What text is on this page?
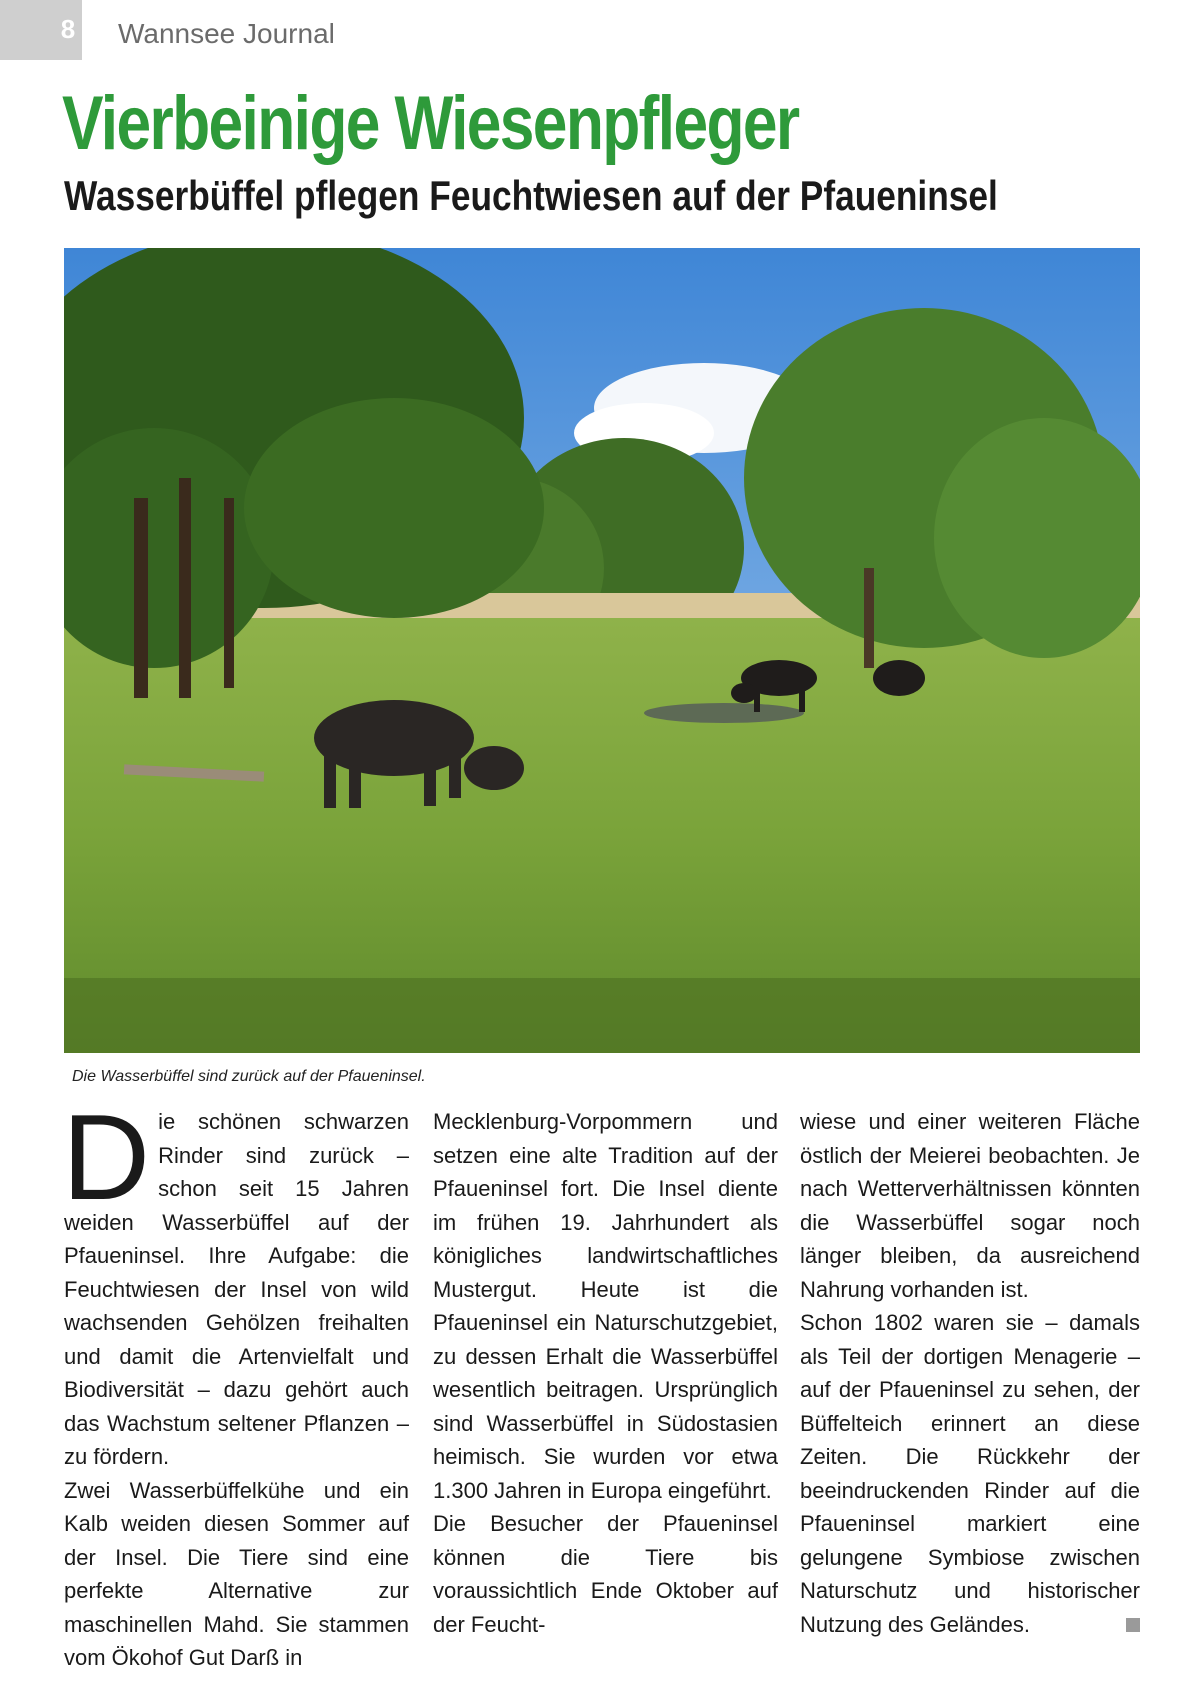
8	Wannsee Journal
Vierbeinige Wiesenpfleger
Wasserbüffel pflegen Feuchtwiesen auf der Pfaueninsel
Die Wasserbüffel sind zurück auf der Pfaueninsel.
D ie schönen schwarzen Rinder sind zurück – schon seit 15 Jahren weiden Wasserbüffel auf der Pfaueninsel. Ihre Aufgabe: die Feuchtwiesen der Insel von wild wachsenden Gehölzen freihalten und damit die Artenvielfalt und Biodiversität – dazu gehört auch das Wachstum seltener Pflanzen – zu fördern.

Zwei Wasserbüffelkühe und ein Kalb weiden diesen Sommer auf der Insel. Die Tiere sind eine perfekte Alternative zur maschinellen Mahd. Sie stammen vom Ökohof Gut Darß in

Mecklenburg-Vorpommern und setzen eine alte Tradition auf der Pfaueninsel fort. Die Insel diente im frühen 19. Jahrhundert als königliches landwirtschaftliches Mustergut. Heute ist die Pfaueninsel ein Naturschutzgebiet, zu dessen Erhalt die Wasserbüffel wesentlich beitragen. Ursprünglich sind Wasserbüffel in Südostasien heimisch. Sie wurden vor etwa 1.300 Jahren in Europa eingeführt.

Die Besucher der Pfaueninsel können die Tiere bis voraussichtlich Ende Oktober auf der Feucht-

wiese und einer weiteren Fläche östlich der Meierei beobachten. Je nach Wetterverhältnissen könnten die Wasserbüffel sogar noch länger bleiben, da ausreichend Nahrung vorhanden ist.

Schon 1802 waren sie – damals als Teil der dortigen Menagerie – auf der Pfaueninsel zu sehen, der Büffelteich erinnert an diese Zeiten. Die Rückkehr der beeindruckenden Rinder auf die Pfaueninsel markiert eine gelungene Symbiose zwischen Naturschutz und historischer Nutzung des Geländes.
